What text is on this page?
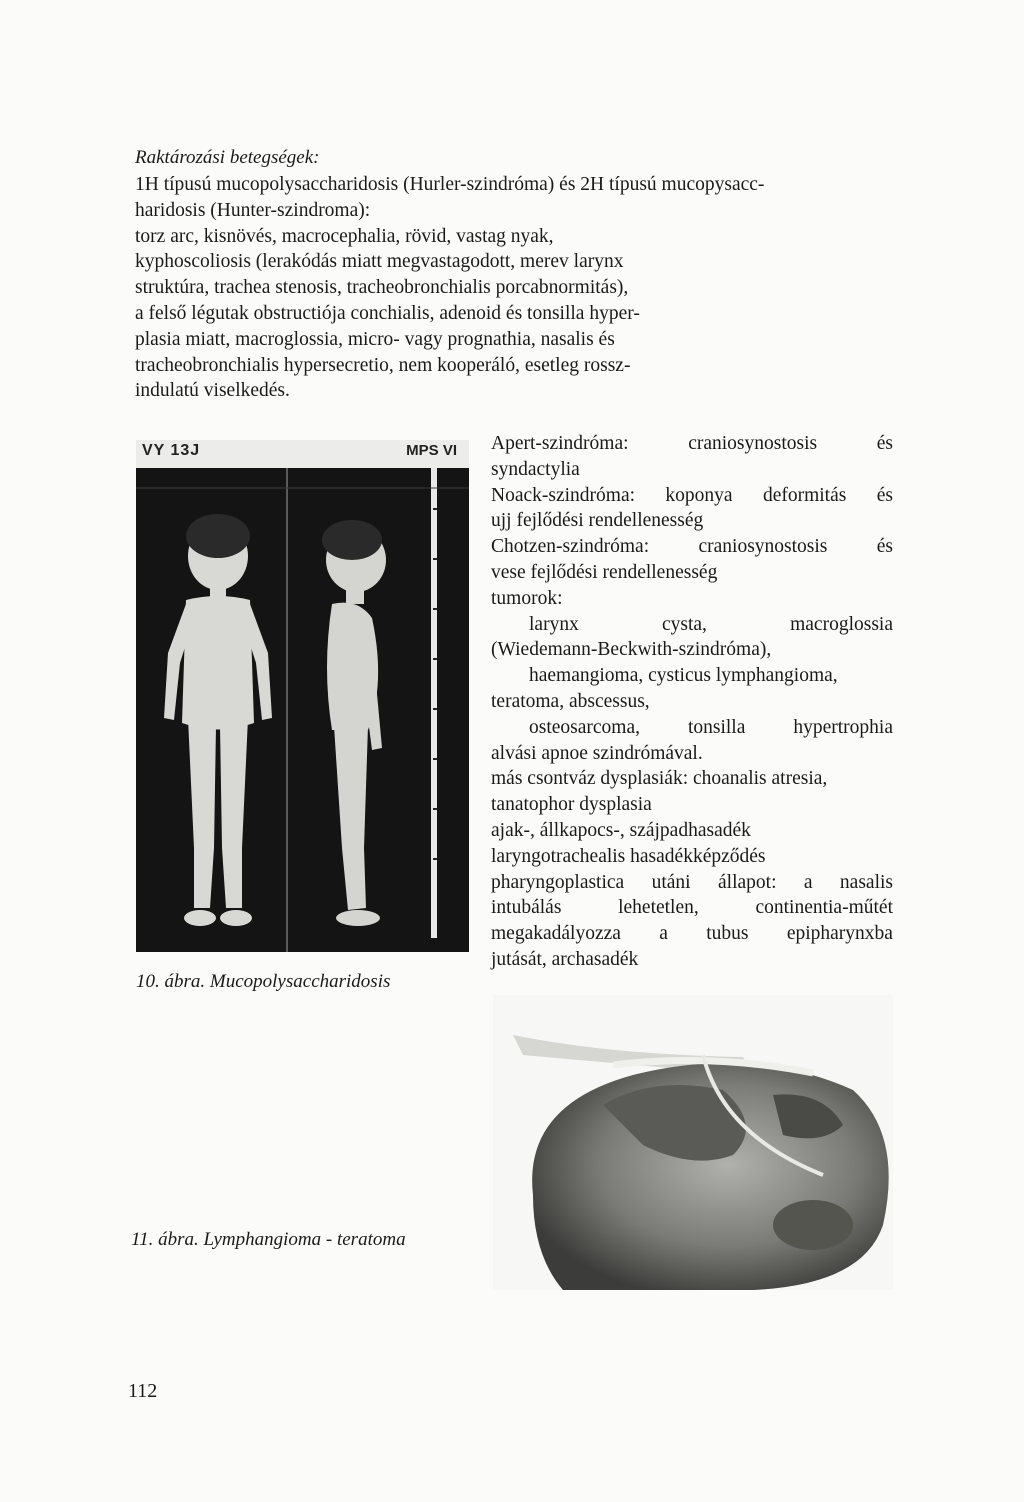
Raktározási betegségek:
1H típusú mucopolysaccharidosis (Hurler-szindróma) és 2H típusú mucopysacc-
haridosis (Hunter-szindroma):
torz arc, kisnövés, macrocephalia, rövid, vastag nyak,
kyphoscoliosis (lerakódás miatt megvastagodott, merev larynx
struktúra, trachea stenosis, tracheobronchialis porcabnormitás),
a felső légutak obstructiója conchialis, adenoid és tonsilla hyper-
plasia miatt, macroglossia, micro- vagy prognathia, nasalis és
tracheobronchialis hypersecretio, nem kooperáló, esetleg rossz-
indulatú viselkedés.
VY 13J	MPS VI
10. ábra. Mucopolysaccharidosis
Apert-szindróma:	craniosynostosis	és
syndactylia
Noack-szindróma: koponya deformitás és
ujj fejlődési rendellenesség
Chotzen-szindróma:	craniosynostosis	és
vese fejlődési rendellenesség
tumorok:
larynx	cysta,	macroglossia
(Wiedemann-Beckwith-szindróma),
haemangioma, cysticus lymphangioma,
teratoma, abscessus,
osteosarcoma, tonsilla hypertrophia
alvási apnoe szindrómával.
más csontváz dysplasiák: choanalis atresia,
tanatophor dysplasia
ajak-, állkapocs-, szájpadhasadék
laryngotrachealis hasadékképződés
pharyngoplastica utáni állapot: a nasalis
intubálás	lehetetlen,	continentia-műtét
megakadályozza a tubus epipharynxba
jutását, archasadék
11. ábra. Lymphangioma - teratoma
112
